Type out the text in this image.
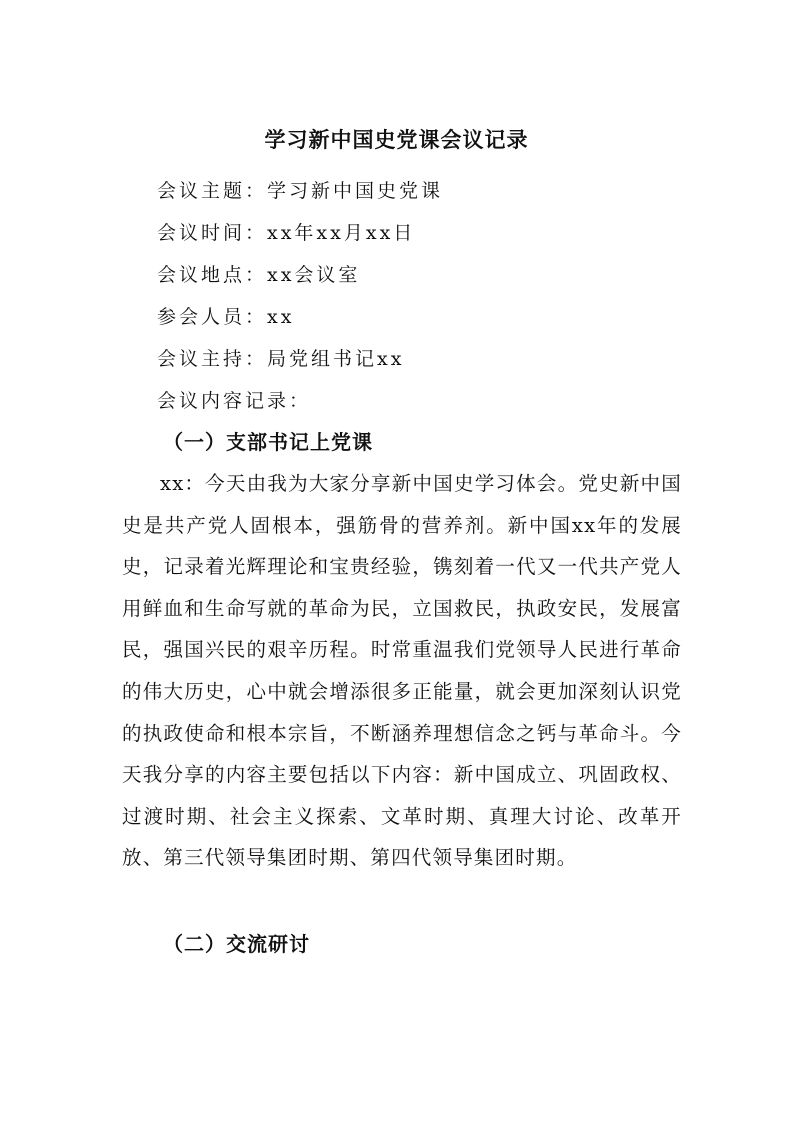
学习新中国史党课会议记录
会议主题：学习新中国史党课
会议时间：xx年xx月xx日
会议地点：xx会议室
参会人员：xx
会议主持：局党组书记xx
会议内容记录：
（一）支部书记上党课
xx：今天由我为大家分享新中国史学习体会。党史新中国史是共产党人固根本，强筋骨的营养剂。新中国xx年的发展史，记录着光辉理论和宝贵经验，镌刻着一代又一代共产党人用鲜血和生命写就的革命为民，立国救民，执政安民，发展富民，强国兴民的艰辛历程。时常重温我们党领导人民进行革命的伟大历史，心中就会增添很多正能量，就会更加深刻认识党的执政使命和根本宗旨，不断涵养理想信念之钙与革命斗。今天我分享的内容主要包括以下内容：新中国成立、巩固政权、过渡时期、社会主义探索、文革时期、真理大讨论、改革开放、第三代领导集团时期、第四代领导集团时期。
（二）交流研讨
